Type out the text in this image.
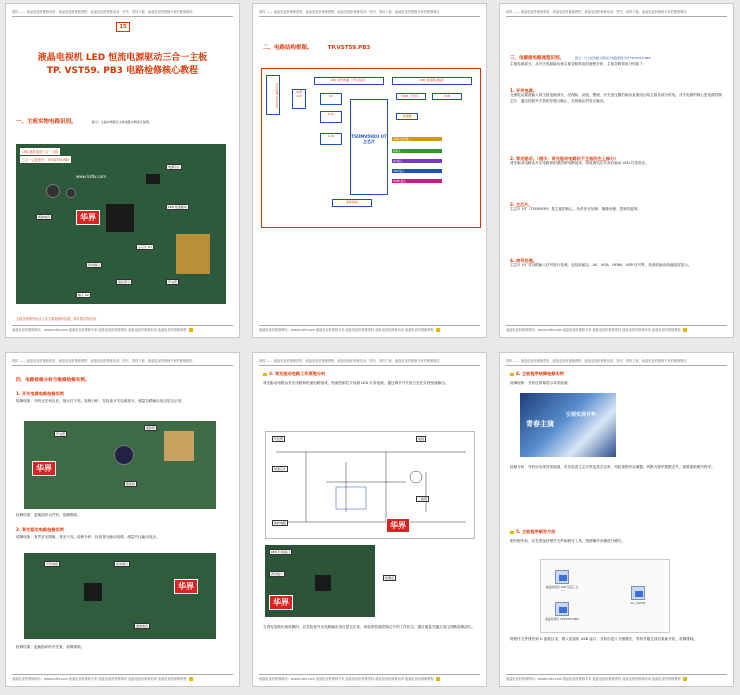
资料 —— 液晶电视机维修资料、液晶电视机维修教程、液晶电视机维修培训、图书、资料下载、液晶电视机维修专家的维修网站
15
液晶电视机 LED 恒流电源驱动三合一主板
TP. VST59. PB3 电路检修核心教程
一、主板实物电路识别。	提示：主板实物图以主板电路为例进行说明。
LED 液晶电视三合一主板
三合一主板型号：TP.VST59.PB3
www.lcdtv.com
华界
电源芯片
LED 恒流驱动
主芯片 U7
背光接口
高压部分	开关管
滤波电容
输入 AC
主板实物图中标注了各主要电路的位置，请对照实物识别。
液晶电视机维修网站：www.lcdtv.com 液晶电视机维修专家 液晶电视机维修资料 液晶电视机维修培训 液晶电视机维修教程
资料 —— 液晶电视机维修资料、液晶电视机维修教程、液晶电视机维修培训、图书、资料下载、液晶电视机维修专家的维修网站
二、电路结构框图。	TP.VST59.PB3
LED 背光电路（升压恒流）	LED 恒流驱动输出
开关电源 AC220V	电源 12V	5V
3.3V
1.2V	TSUMV59XU U7 主芯片
DDR（内存）	USB
存储器
音频功放电路
高频头
AV 输入
VGA 输入
HDMI 输入
遥控接收
液晶电视机维修网站：www.lcdtv.com 液晶电视机维修专家 液晶电视机维修资料 液晶电视机维修培训 液晶电视机维修教程
资料 —— 液晶电视机维修资料、液晶电视机维修教程、液晶电视机维修培训、图书、资料下载、液晶电视机维修专家的维修网站
三、电源板电路流程识别。	提示：以主板电路为例进行电路流程分析 TP.VST59.PB3
主板电源部分，从开关电源输出到主板各路供电的流程分析，主板各路供电分别如下：
1. 开关电源。
交流电从插座输入到主板电源部分，经保险、滤波、整流、开关变压器后输出直流电压给主板各部分供电。开关电源的核心是电源控制芯片，通过控制开关管的导通与截止，实现稳定的电压输出。
2. 背光驱动。（提示：背光驱动电路位于主板的左上部分）
背光驱动电路由升压电路和恒流控制电路组成，将电源电压升高后驱动 LED 灯条发光。
3. 主芯片。
主芯片 U7（TSUMV59）是主板的核心，负责信号处理、图像处理、控制功能等。
4. 信号处理。
主芯片 U7 对各路输入信号进行处理，包括高频头、AV、VGA、HDMI、USB 信号等，处理后输出给液晶屏显示。
液晶电视机维修网站：www.lcdtv.com 液晶电视机维修专家 液晶电视机维修资料 液晶电视机维修培训 液晶电视机维修教程
资料 —— 液晶电视机维修资料、液晶电视机维修教程、液晶电视机维修培训、图书、资料下载、液晶电视机维修专家的维修网站
四、电路检修分析与维修检修实例。
1. 开关电源电路检修实例
故障现象：开机无任何反应，指示灯不亮。检修分析：先检查开关电源部分，测量各路输出电压是否正常。
华界
保险管
整流桥
开关管
检修结果：更换损坏元件后，故障排除。
2. 背光驱动电路检修实例
故障现象：有声音无图像，背光不亮。检修分析：检查背光驱动电路，测量升压输出电压。
华界
滤波电容
升压电感	背光接口
检修结果：更换损坏的升压管，故障排除。
液晶电视机维修网站：www.lcdtv.com 液晶电视机维修专家 液晶电视机维修资料 液晶电视机维修培训 液晶电视机维修教程
资料 —— 液晶电视机维修资料、液晶电视机维修教程、液晶电视机维修培训、图书、资料下载、液晶电视机维修专家的维修网站
3. 背光驱动电路工作原理分析
背光驱动电路由升压电路和恒流电路组成，恒流控制芯片检测 LED 灯条电流，通过调节开关管占空比实现恒流输出。
升压管
恒流芯片
电感
二极管
取样电阻	华界
华界
LED 灯条接口
背光接口
检测点
当背光电路出现故障时，应先检查升压电路输出电压是否正常，再检查恒流控制芯片的工作状态，通过测量关键点电压判断故障部位。
液晶电视机维修网站：www.lcdtv.com 液晶电视机维修专家 液晶电视机维修资料 液晶电视机维修培训 液晶电视机维修教程
资料 —— 液晶电视机维修资料、液晶电视机维修教程、液晶电视机维修培训、图书、资料下载、液晶电视机维修专家的维修网站
4. 主板程序故障检修实例
故障现象：开机后屏幕显示异常画面。
青春主演
引领实屏开年
检修分析：开机后出现异常画面，首先检查主芯片供电是否正常，再检查程序存储器，判断为程序数据丢失，需要重新刷写程序。
5. 主板程序刷写方法
刷写程序前，应先准备好程序文件和刷写工具，按照操作步骤进行刷写。
液晶电视机 LED 恒流三合一
液晶电视机 TP.VST59.PB3
bin_VST59
将程序文件拷贝到 U 盘根目录，插入电视机 USB 接口，开机后进入升级模式，等待升级完成后重新开机，故障排除。
液晶电视机维修网站：www.lcdtv.com 液晶电视机维修专家 液晶电视机维修资料 液晶电视机维修培训 液晶电视机维修教程
